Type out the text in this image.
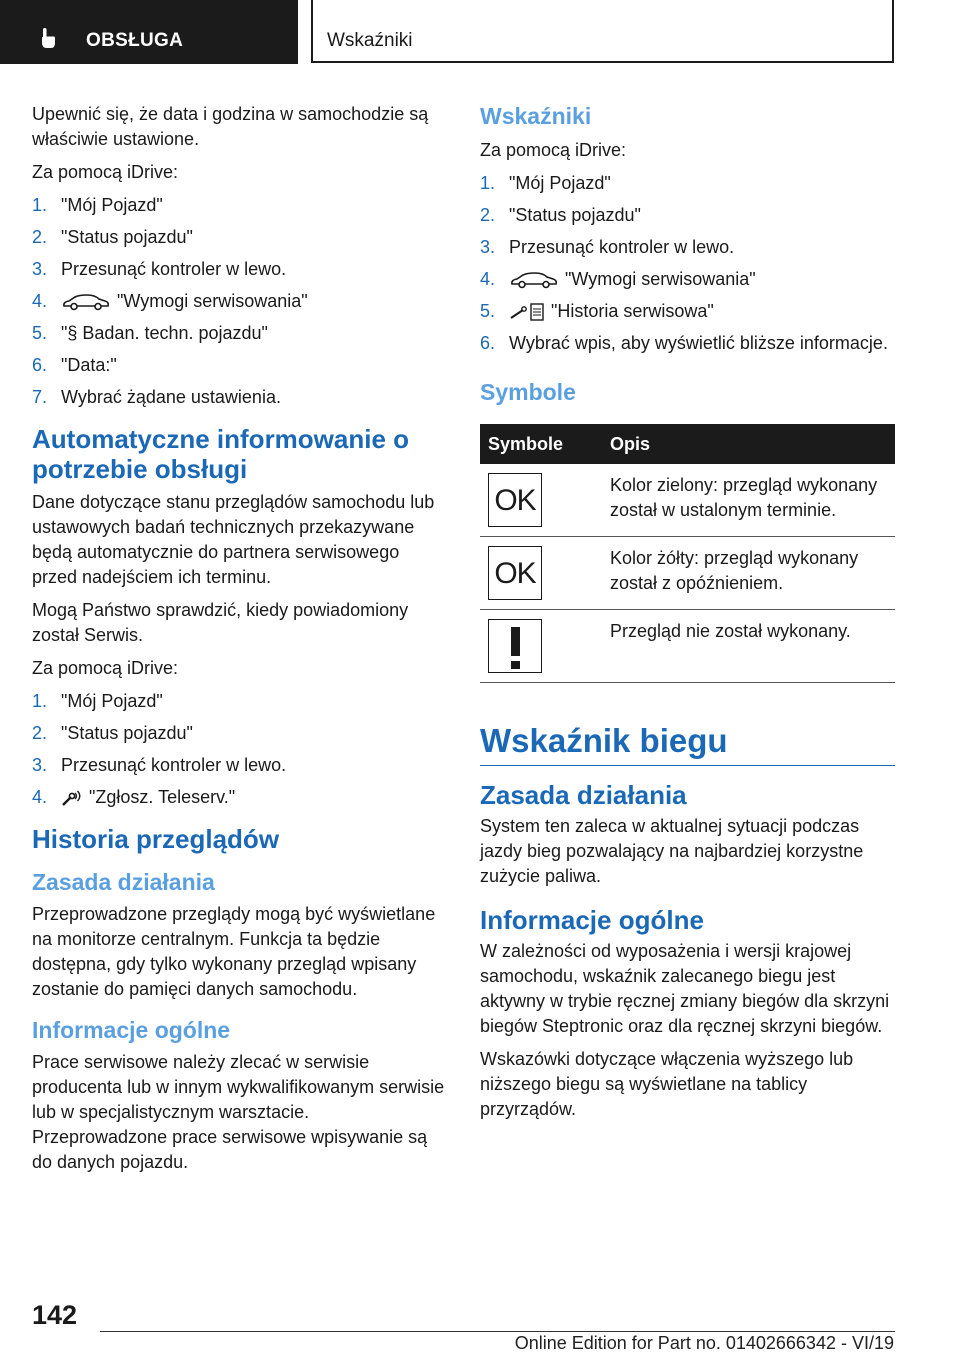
OBSŁUGA	Wskaźniki

Upewnić się, że data i godzina w samochodzie są właściwie ustawione.

Za pomocą iDrive:

1. "Mój Pojazd"
2. "Status pojazdu"
3. Przesunąć kontroler w lewo.
4.	"Wymogi serwisowania"
5. "§ Badan. techn. pojazdu"
6. "Data:"
7. Wybrać żądane ustawienia.
Automatyczne informowanie o potrzebie obsługi

Dane dotyczące stanu przeglądów samochodu lub ustawowych badań technicznych przekazywane będą automatycznie do partnera serwisowego przed nadejściem ich terminu.

Mogą Państwo sprawdzić, kiedy powiadomiony został Serwis.

Za pomocą iDrive:

1. "Mój Pojazd"
2. "Status pojazdu"
3. Przesunąć kontroler w lewo.
4. "Zgłosz. Teleserv."
Historia przeglądów
Zasada działania

Przeprowadzone przeglądy mogą być wyświetlane na monitorze centralnym. Funkcja ta będzie dostępna, gdy tylko wykonany przegląd wpisany zostanie do pamięci danych samochodu.

Informacje ogólne

Prace serwisowe należy zlecać w serwisie producenta lub w innym wykwalifikowanym serwisie lub w specjalistycznym warsztacie. Przeprowadzone prace serwisowe wpisywanie są do danych pojazdu.

Wskaźniki

Za pomocą iDrive:

1. "Mój Pojazd"
2. "Status pojazdu"
3. Przesunąć kontroler w lewo.
4.	"Wymogi serwisowania"
5.	"Historia serwisowa"
6. Wybrać wpis, aby wyświetlić bliższe informacje.
Symbole
Symbole	Opis

OK	Kolor zielony: przegląd wykonany został w ustalonym terminie.

OK	Kolor żółty: przegląd wykonany został z opóźnieniem.

	Przegląd nie został wykonany.
Wskaźnik biegu
Zasada działania

System ten zaleca w aktualnej sytuacji podczas jazdy bieg pozwalający na najbardziej korzystne zużycie paliwa.

Informacje ogólne

W zależności od wyposażenia i wersji krajowej samochodu, wskaźnik zalecanego biegu jest aktywny w trybie ręcznej zmiany biegów dla skrzyni biegów Steptronic oraz dla ręcznej skrzyni biegów.

Wskazówki dotyczące włączenia wyższego lub niższego biegu są wyświetlane na tablicy przyrządów.

142
Online Edition for Part no. 01402666342 - VI/19
